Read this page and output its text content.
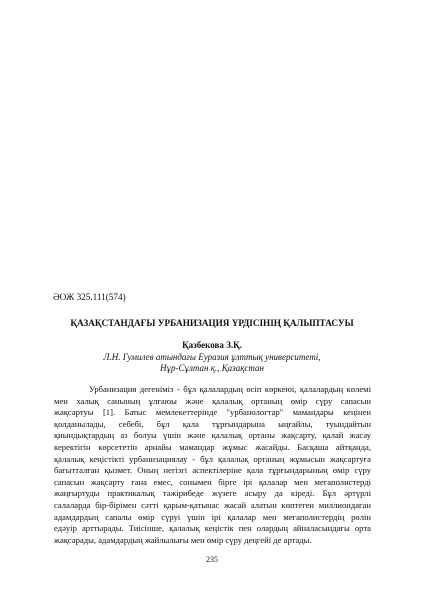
ӘОЖ 325.111(574)
ҚАЗАҚСТАНДАҒЫ УРБАНИЗАЦИЯ ҮРДІСІНІҢ ҚАЛЫПТАСУЫ
Қазбекова З.Қ.
Л.Н. Гумилев атындағы Еуразия ұлттық университеті,
Нұр-Сұлтан қ., Қазақстан
Урбанизация дегеніміз - бұл қалалардың өсіп көркеюі, қалалардың көлемі
мен халық санының ұлғаюы және қалалық ортаның өмір сүру сапасын
жақсартуы [1]. Батыс мемлекеттерінде "урбанологтар" мамандары кеңінен
қолданылады, себебі, бұл қала тұрғындарына ыңғайлы, туындайтын
қиындықтардың аз болуы үшін және қалалық ортаны жақсарту, қалай жасау
керектігін көрсететін арнайы мамандар жұмыс жасайды. Басқаша айтқанда,
қалалық кеңістікті урбанизациялау - бұл қалалық ортаның жұмысын жақсартуға
бағытталған қызмет. Оның негізгі аспектілеріне қала тұрғындарының өмір сүру
сапасын жақсарту ғана емес, сонымен бірге ірі қалалар мен мегаполистерді
жаңғыртуды практикалық тәжірибеде жүзеге асыру да кіреді. Бұл әртүрлі
салаларда бір-бірімен сәтті қарым-қатынас жасай алатын көптеген миллиондаған
адамдардың сапалы өмір сүруі үшін ірі қалалар мен мегаполистердің рөлін
едәуір арттырады. Тиісінше, қалалық кеңістік пен олардың айналасындағы орта
жақсарады, адамдардың жайлылығы мен өмір сүру деңгейі де артады.
235
